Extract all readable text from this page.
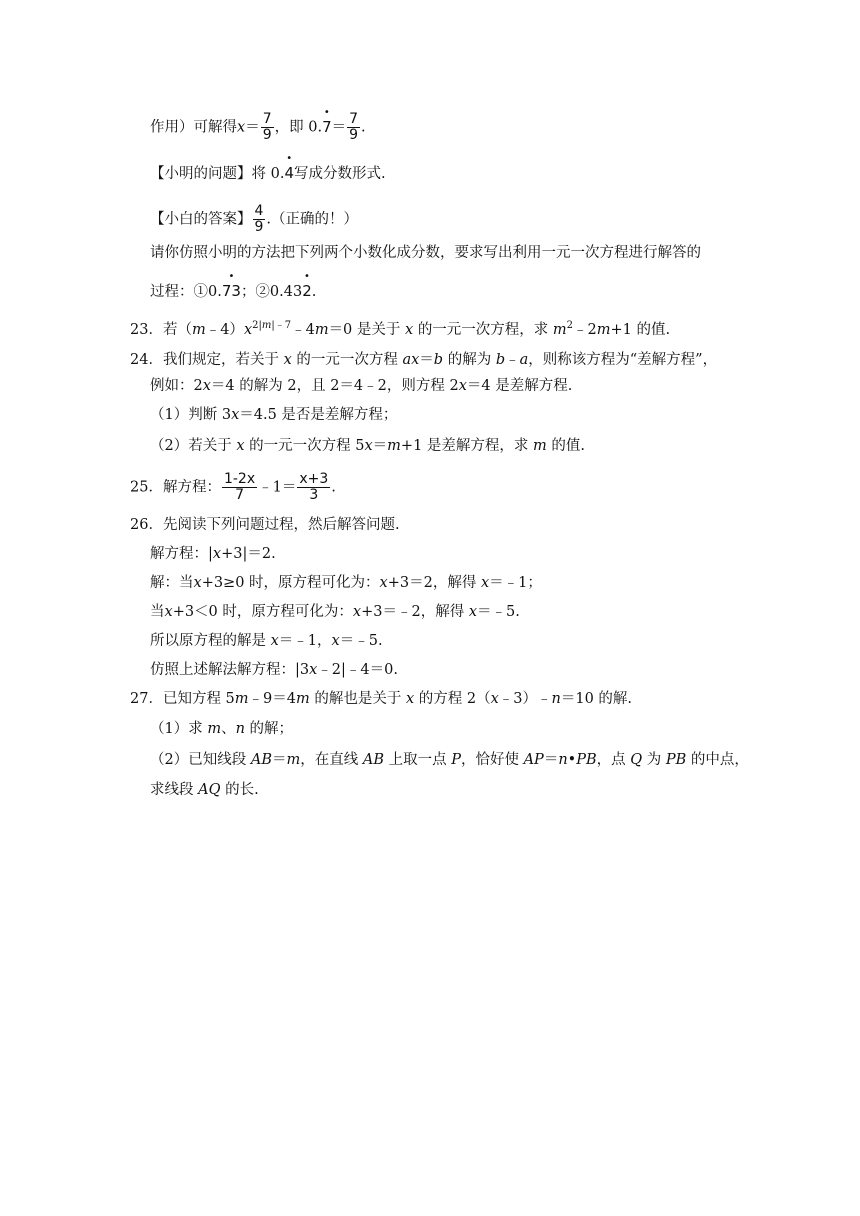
作用）可解得$x= \frac{7}{9}$ ，即 0.• $7= \frac{7}{9}$ .
【小明的问题】将 0.• 4写成分数形式.
【小白的答案】 $\frac{4}{9}$ .（正确的！）
请你仿照小明的方法把下列两个小数化成分数，要求写出利用一元一次方程进行解答的
过程：①0.• 73；②0.43• 2.
23．若$(m﹣4)x^{2|m|﹣7}﹣4m=0$ 是关于 x 的一元一次方程，求 $m^2﹣2m+1$ 的值.
24．我们规定，若关于 x 的一元一次方程 ax＝b 的解为 b﹣a，则称该方程为“差解方程”，
例如：2x＝4 的解为 2，且 2＝4﹣2，则方程 2x＝4 是差解方程.
（1）判断 3x＝4.5 是否是差解方程；
（2）若关于 x 的一元一次方程 5x＝m+1 是差解方程，求 m 的值.
25．解方程： $\frac{1-2x}{7}$ ﹣1＝ $\frac{x+3}{3}$ .
26．先阅读下列问题过程，然后解答问题.
解方程：|x+3|＝2.
解：当x+3≥0 时，原方程可化为：x+3＝2，解得 x＝﹣1；
当x+3＜0 时，原方程可化为：x+3＝﹣2，解得 x＝﹣5.
所以原方程的解是 x＝﹣1，x＝﹣5.
仿照上述解法解方程：|3x﹣2|﹣4＝0.
27．已知方程 5m﹣9＝4m 的解也是关于 x 的方程 2（x﹣3）﹣n＝10 的解.
（1）求 m、n 的解；
（2）已知线段 AB＝m，在直线 AB 上取一点 P，恰好使 AP＝n•PB，点 Q 为 PB 的中点，
求线段 AQ 的长.
